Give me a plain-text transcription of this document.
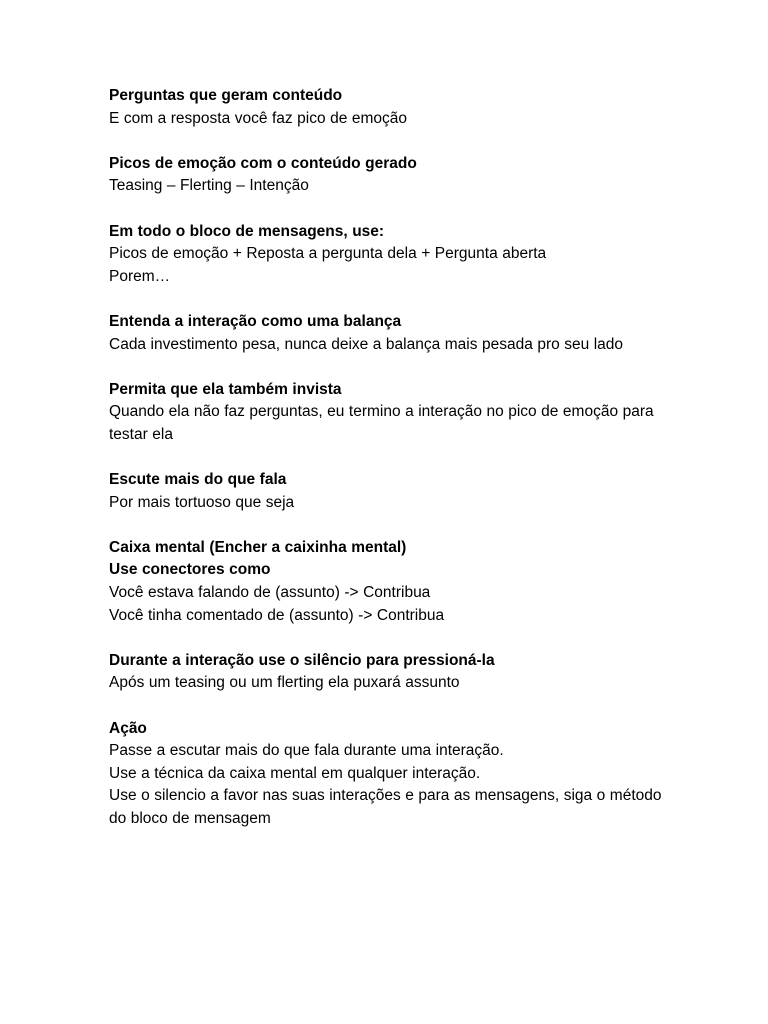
Perguntas que geram conteúdo
E com a resposta você faz pico de emoção
Picos de emoção com o conteúdo gerado
Teasing – Flerting – Intenção
Em todo o bloco de mensagens, use:
Picos de emoção + Reposta a pergunta dela + Pergunta aberta
Porem…
Entenda a interação como uma balança
Cada investimento pesa, nunca deixe a balança mais pesada pro seu lado
Permita que ela também invista
Quando ela não faz perguntas, eu termino a interação no pico de emoção para testar ela
Escute mais do que fala
Por mais tortuoso que seja
Caixa mental (Encher a caixinha mental)
Use conectores como
Você estava falando de (assunto) -> Contribua
Você tinha comentado de (assunto) -> Contribua
Durante a interação use o silêncio para pressioná-la
Após um teasing ou um flerting ela puxará assunto
Ação
Passe a escutar mais do que fala durante uma interação.
Use a técnica da caixa mental em qualquer interação.
Use o silencio a favor nas suas interações e para as mensagens, siga o método do bloco de mensagem
